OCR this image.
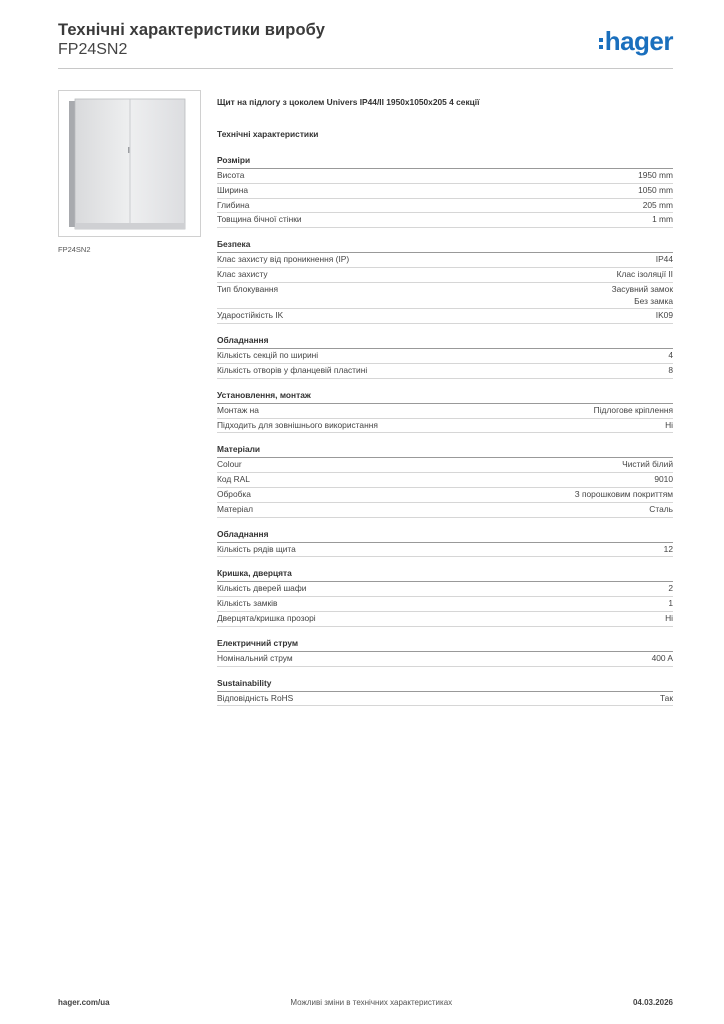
Технічні характеристики виробу
FP24SN2	hager
FP24SN2
Щит на підлогу з цоколем Univers IP44/II 1950x1050x205 4 секції
Технічні характеристики
Розміри
Висота	1950 mm
Ширина	1050 mm
Глибина	205 mm
Товщина бічної стінки	1 mm
Безпека
Клас захисту від проникнення (IP)	IP44
Клас захисту	Клас ізоляції II
Тип блокування	Засувний замок
Без замка
Ударостійкість IK	IK09
Обладнання
Кількість секцій по ширині	4
Кількість отворів у фланцевій пластині	8
Установлення, монтаж
Монтаж на	Підлогове кріплення
Підходить для зовнішнього використання	Ні
Матеріали
Colour	Чистий білий
Код RAL	9010
Обробка	З порошковим покриттям
Матеріал	Сталь
Обладнання
Кількість рядів щита	12
Кришка, дверцята
Кількість дверей шафи	2
Кількість замків	1
Дверцята/кришка прозорі	Ні
Електричний струм
Номінальний струм	400 A
Sustainability
Відповідність RoHS	Так
hager.com/ua	Можливі зміни в технічних характеристиках	04.03.2026
